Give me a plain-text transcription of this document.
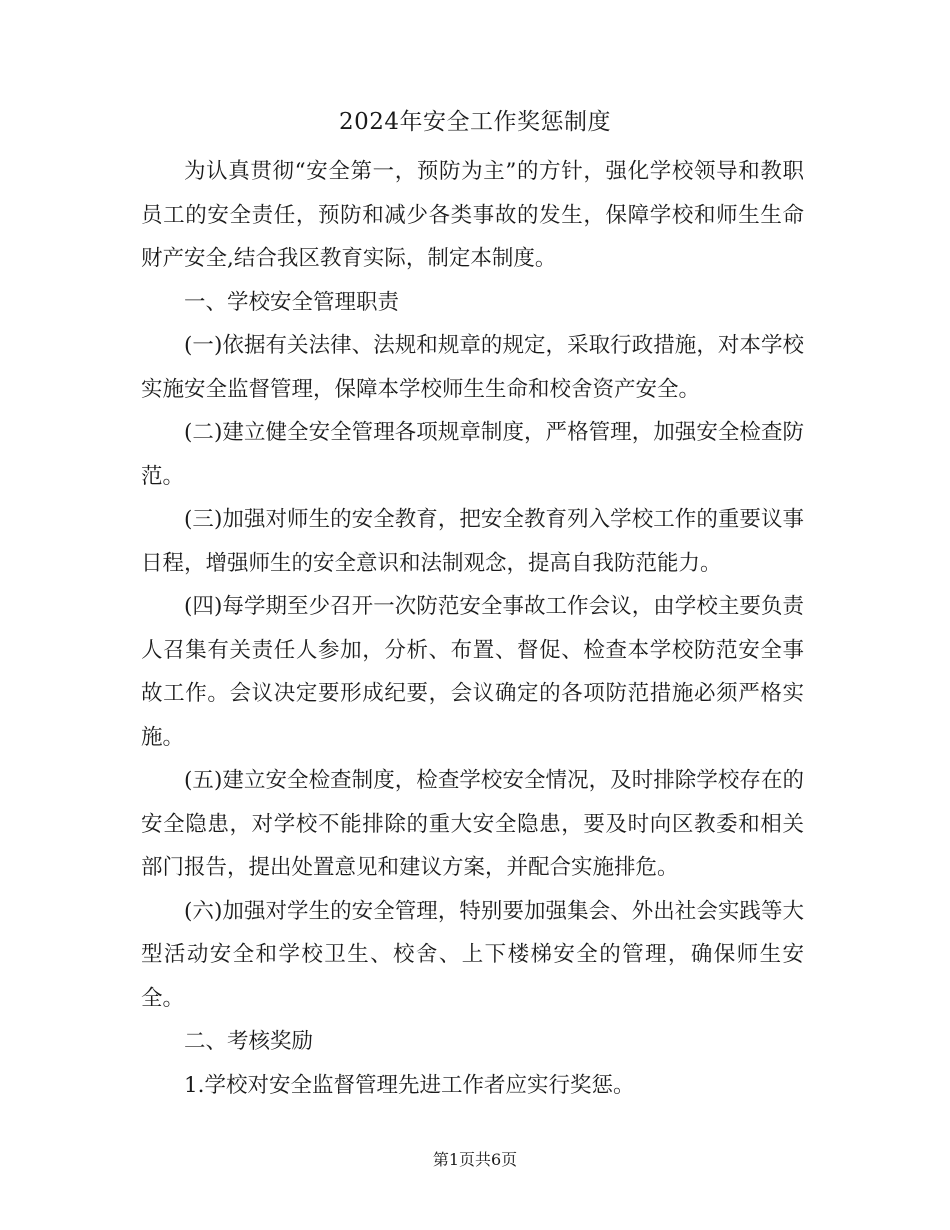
2024年安全工作奖惩制度

为认真贯彻“安全第一，预防为主”的方针，强化学校领导和教职员工的安全责任，预防和减少各类事故的发生，保障学校和师生生命财产安全,结合我区教育实际，制定本制度。

一、学校安全管理职责

(一)依据有关法律、法规和规章的规定，采取行政措施，对本学校实施安全监督管理，保障本学校师生生命和校舍资产安全。

(二)建立健全安全管理各项规章制度，严格管理，加强安全检查防范。

(三)加强对师生的安全教育，把安全教育列入学校工作的重要议事日程，增强师生的安全意识和法制观念，提高自我防范能力。

(四)每学期至少召开一次防范安全事故工作会议，由学校主要负责人召集有关责任人参加，分析、布置、督促、检查本学校防范安全事故工作。会议决定要形成纪要，会议确定的各项防范措施必须严格实施。

(五)建立安全检查制度，检查学校安全情况，及时排除学校存在的安全隐患，对学校不能排除的重大安全隐患，要及时向区教委和相关部门报告，提出处置意见和建议方案，并配合实施排危。

(六)加强对学生的安全管理，特别要加强集会、外出社会实践等大型活动安全和学校卫生、校舍、上下楼梯安全的管理，确保师生安全。

二、考核奖励

1.学校对安全监督管理先进工作者应实行奖惩。

第1页共6页
